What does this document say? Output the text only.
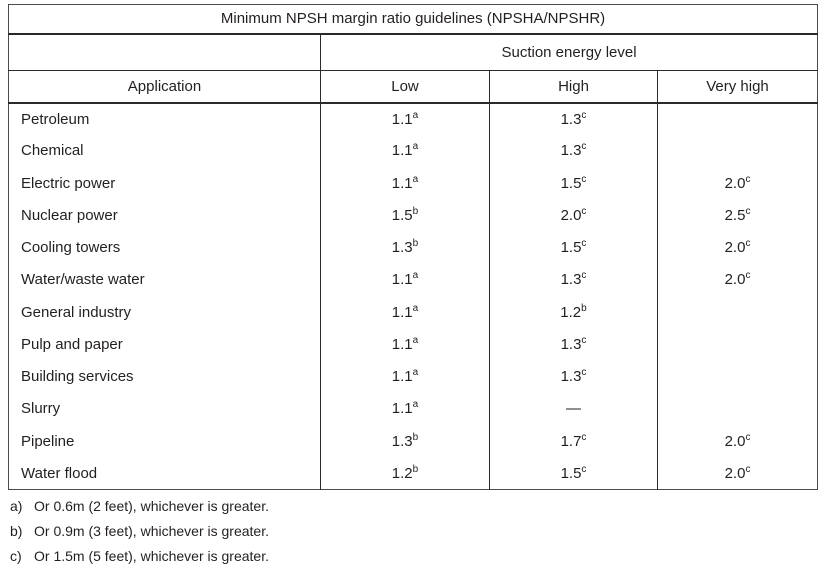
Minimum NPSH margin ratio guidelines (NPSHA/NPSHR)			
	Suction energy level		
Application	Low	High	Very high
Petroleum	1.1$^a$	1.3$^c$	
Chemical	1.1$^a$	1.3$^c$	
Electric power	1.1$^a$	1.5$^c$	2.0$^c$
Nuclear power	1.5$^b$	2.0$^c$	2.5$^c$
Cooling towers	1.3$^b$	1.5$^c$	2.0$^c$
Water/waste water	1.1$^a$	1.3$^c$	2.0$^c$
General industry	1.1$^a$	1.2$^b$	
Pulp and paper	1.1$^a$	1.3$^c$	
Building services	1.1$^a$	1.3$^c$	
Slurry	1.1$^a$	—	
Pipeline	1.3$^b$	1.7$^c$	2.0$^c$
Water flood	1.2$^b$	1.5$^c$	2.0$^c$
a) Or 0.6m (2 feet), whichever is greater.
b) Or 0.9m (3 feet), whichever is greater.
c) Or 1.5m (5 feet), whichever is greater.
